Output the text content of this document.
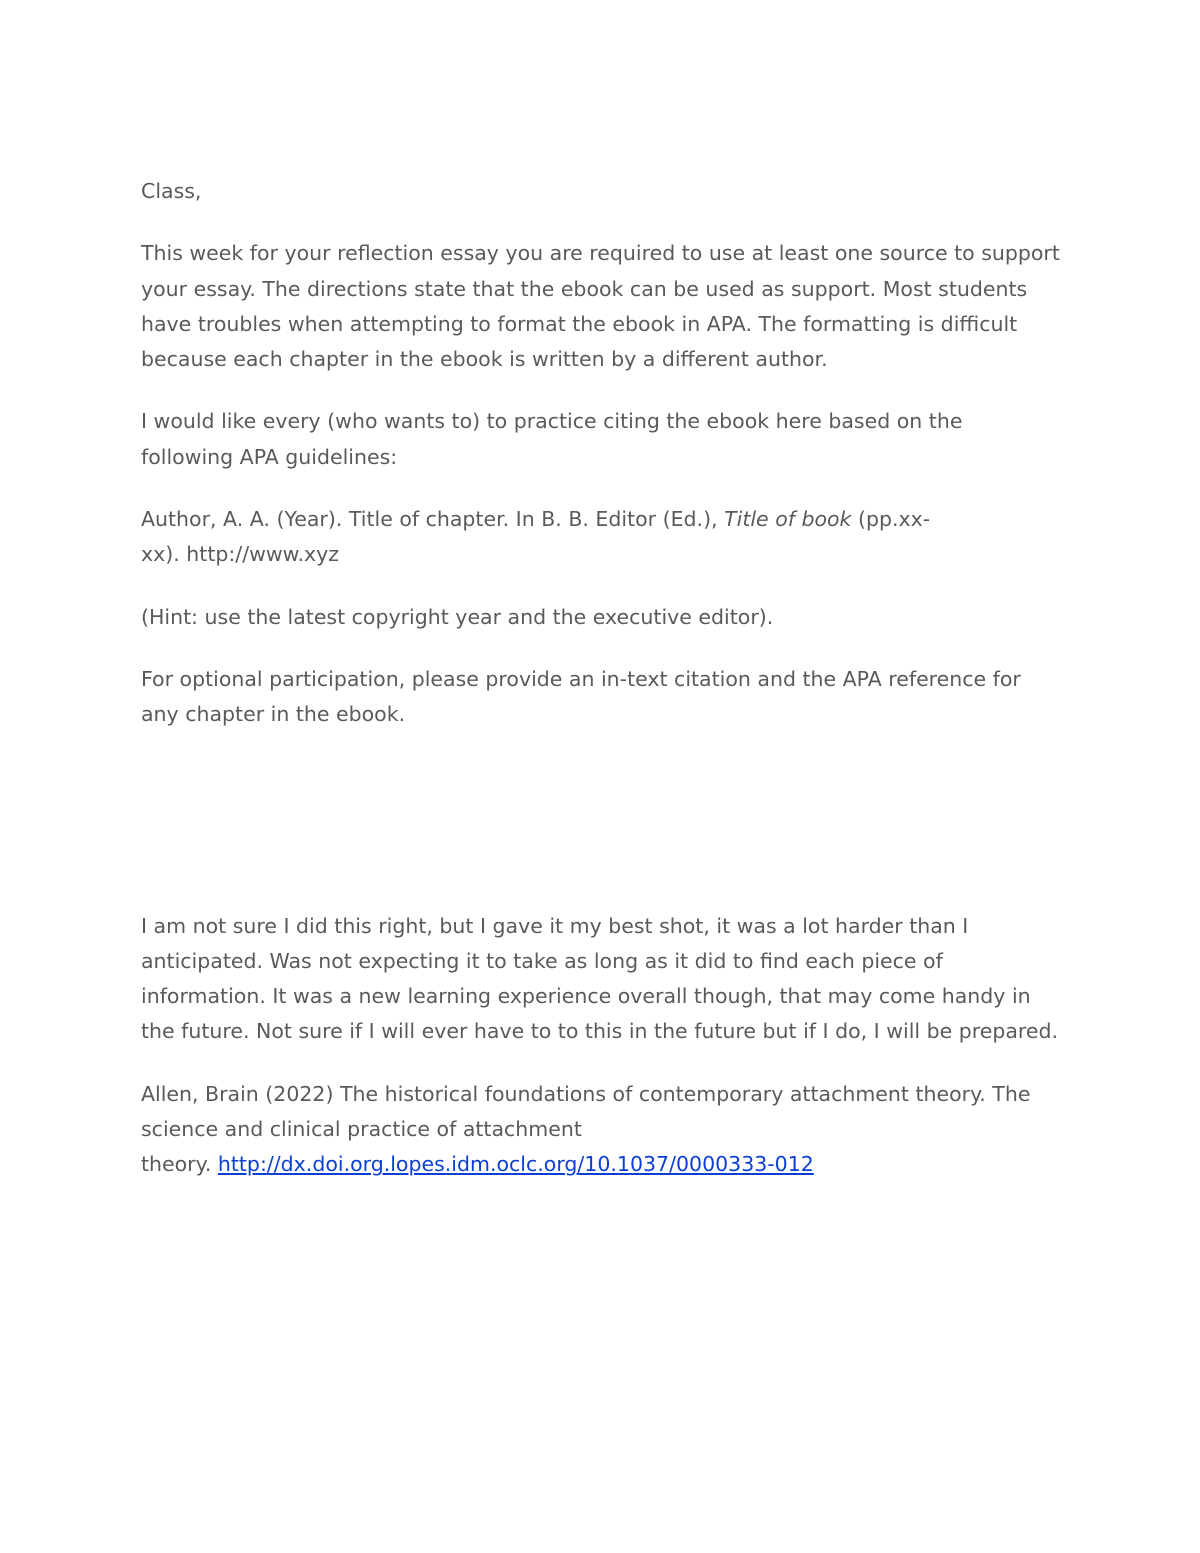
Class,

This week for your reflection essay you are required to use at least one source to support your essay. The directions state that the ebook can be used as support. Most students have troubles when attempting to format the ebook in APA. The formatting is difficult because each chapter in the ebook is written by a different author.

I would like every (who wants to) to practice citing the ebook here based on the following APA guidelines:

Author, A. A. (Year). Title of chapter. In B. B. Editor (Ed.), Title of book (pp.xx-
xx). http://www.xyz

(Hint: use the latest copyright year and the executive editor).

For optional participation, please provide an in-text citation and the APA reference for any chapter in the ebook.

I am not sure I did this right, but I gave it my best shot, it was a lot harder than I anticipated. Was not expecting it to take as long as it did to find each piece of information. It was a new learning experience overall though, that may come handy in the future. Not sure if I will ever have to to this in the future but if I do, I will be prepared.

Allen, Brain (2022) The historical foundations of contemporary attachment theory. The science and clinical practice of attachment
theory. http://dx.doi.org.lopes.idm.oclc.org/10.1037/0000333-012
